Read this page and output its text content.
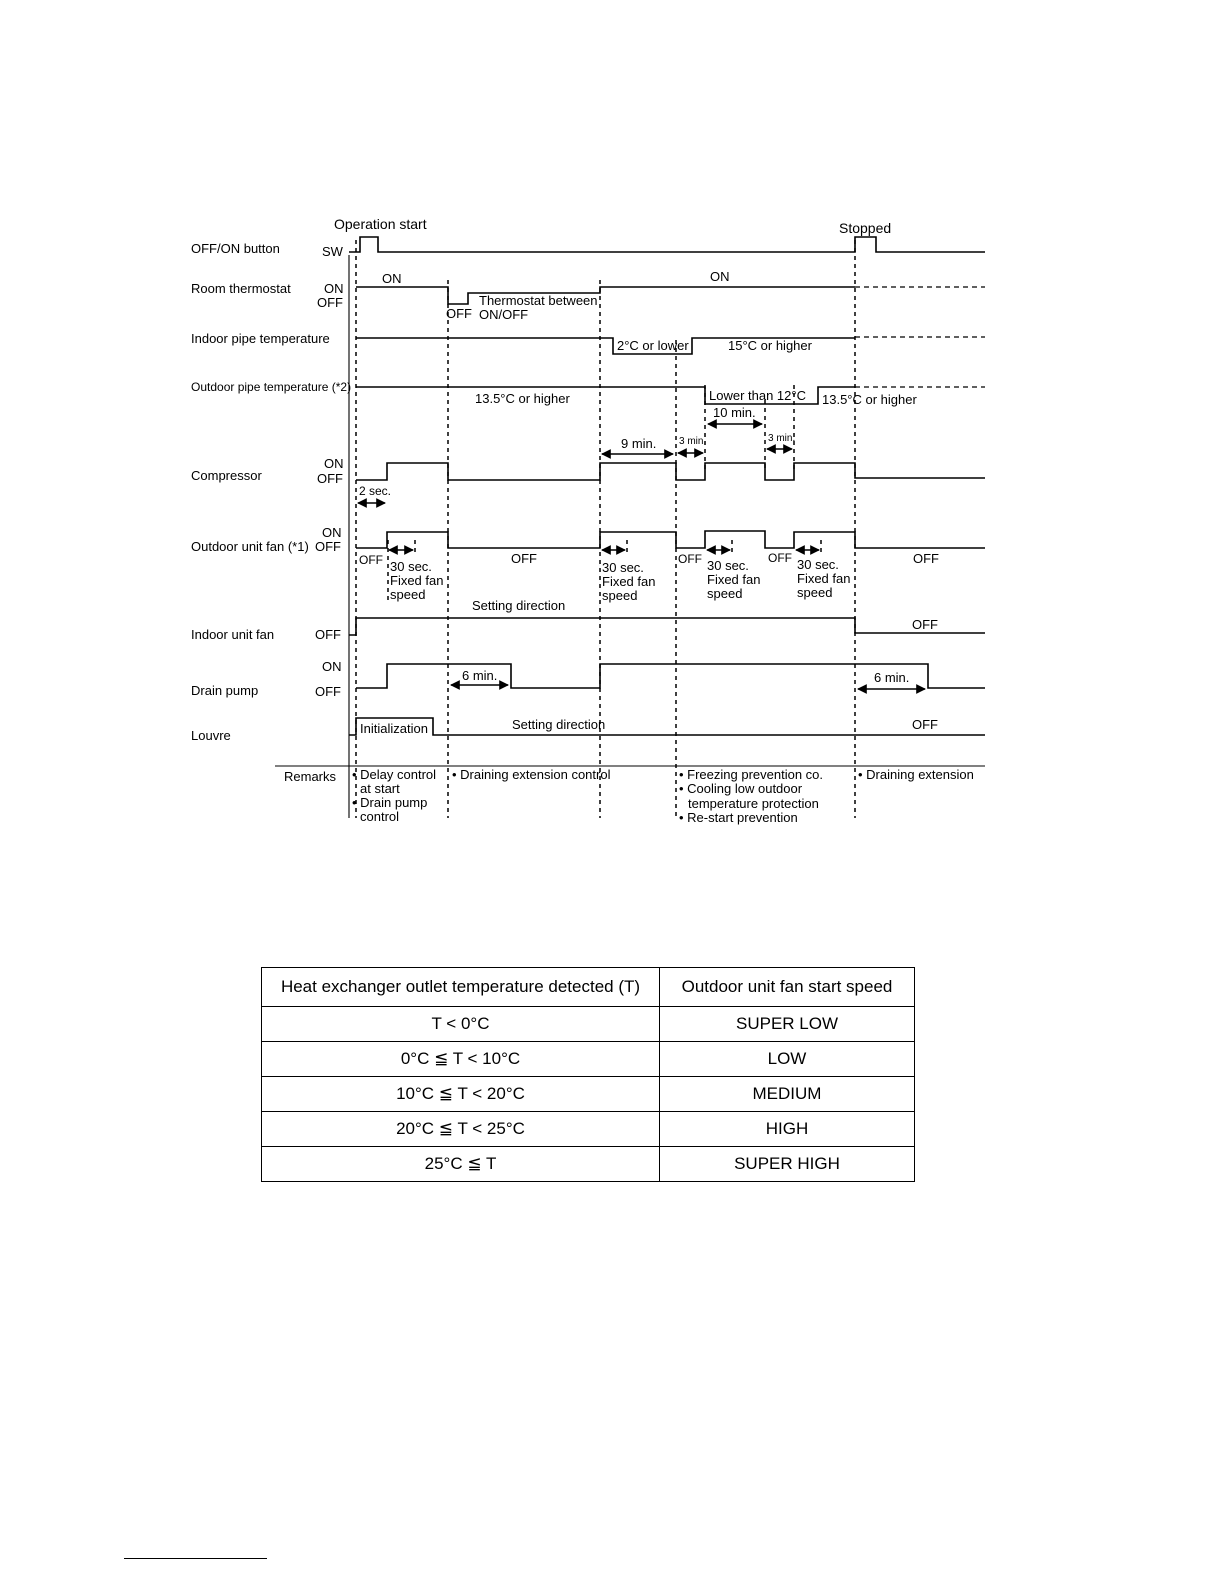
Operation start	Stopped
OFF/ON button	SW
Room thermostat	ON
OFF
ON	ON
OFF
Thermostat between
ON/OFF
Indoor pipe temperature	2°C or lower	15°C or higher
Outdoor pipe temperature (*2)
13.5°C or higher	Lower than 12°C 13.5°C or higher
10 min.
Compressor
ON
OFF
2 sec.
9 min. 3 min.	3 min.
Outdoor unit fan (*1)
ON
OFF
OFF	OFF	OFF	OFF	OFF
30 sec.
Fixed fan
speed
30 sec.
Fixed fan
speed
30 sec.
Fixed fan
speed
30 sec.
Fixed fan
speed
Indoor unit fan	OFF
Setting direction
OFF
Drain pump
ON
OFF
6 min.	6 min.
Louvre	Initialization	Setting direction	OFF
Remarks • Delay control
at start
• Drain pump
control
• Draining extension control	• Freezing prevention co.
• Cooling low outdoor
temperature protection
• Re-start prevention
• Draining extension
Heat exchanger outlet temperature detected (T)	Outdoor unit fan start speed
T < 0°C	SUPER LOW
0°C ≦ T < 10°C	LOW
10°C ≦ T < 20°C	MEDIUM
20°C ≦ T < 25°C	HIGH
25°C ≦ T	SUPER HIGH
